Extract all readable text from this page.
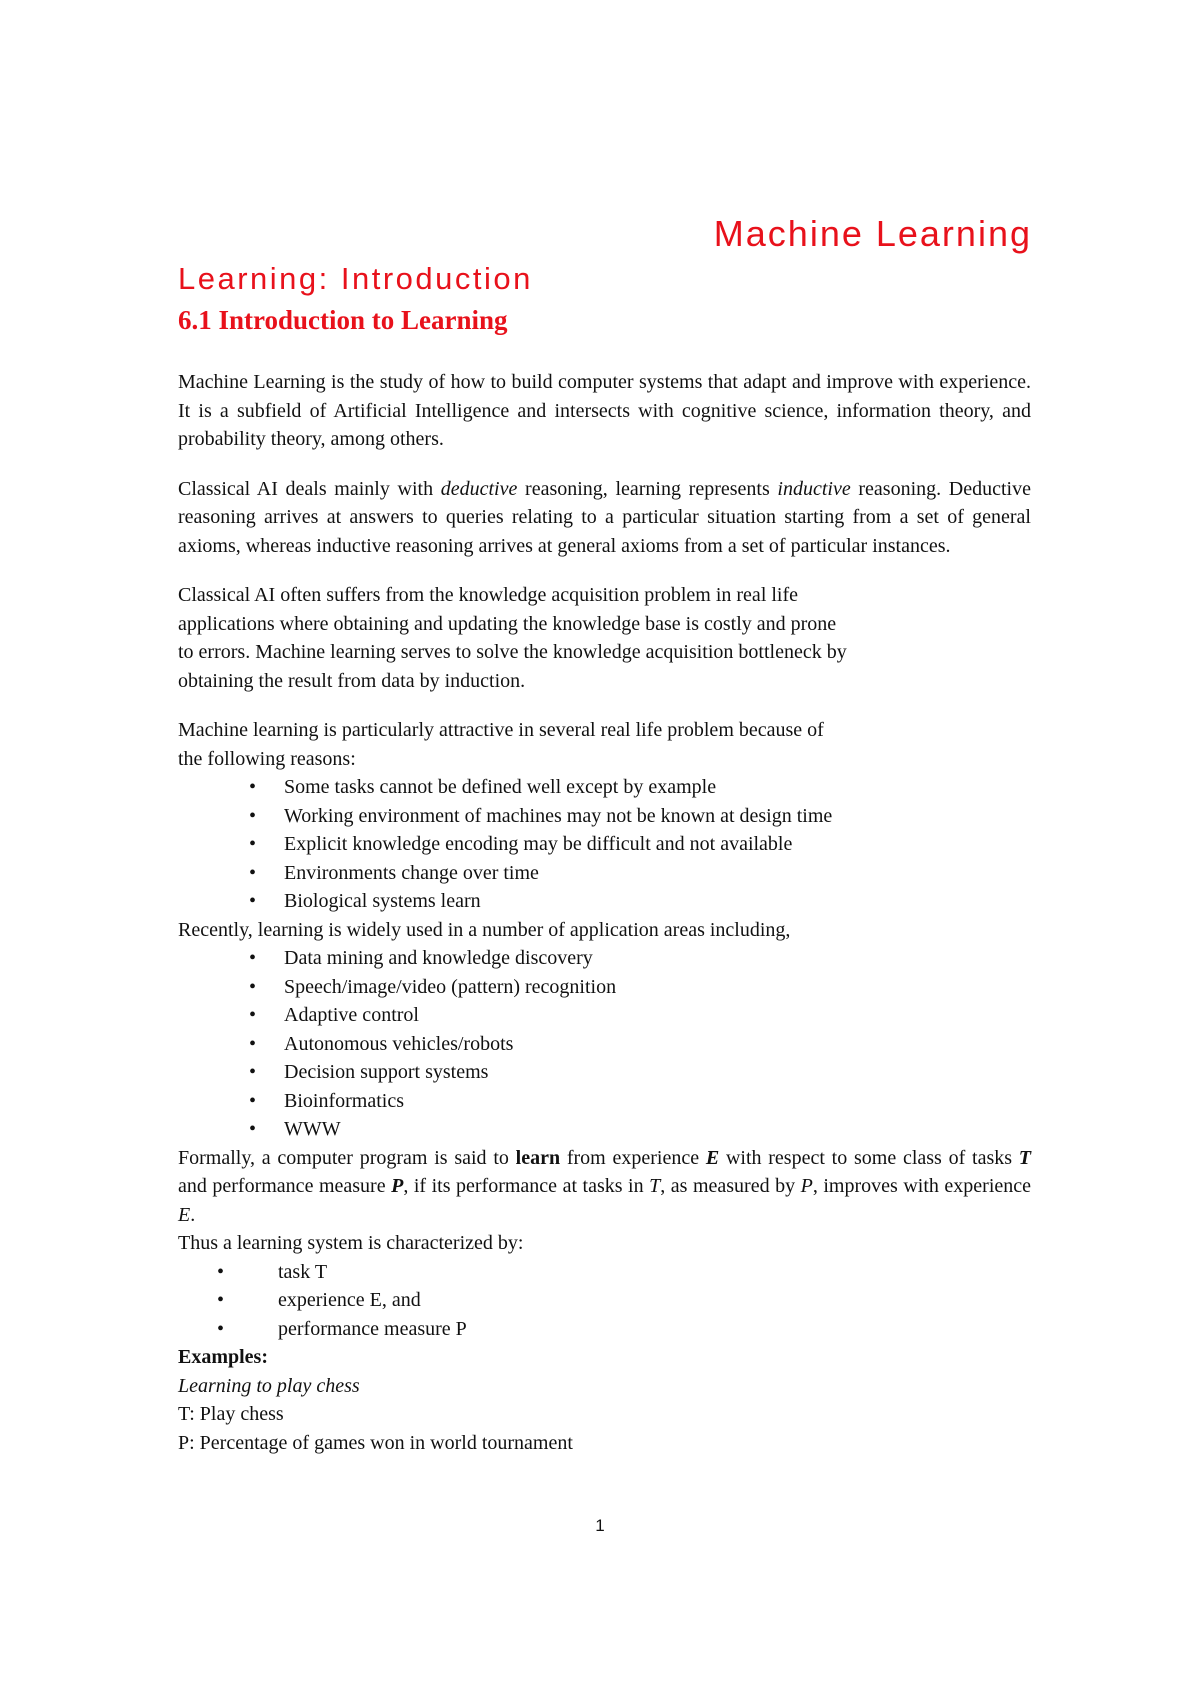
Machine Learning
Learning: Introduction
6.1 Introduction to Learning

Machine Learning is the study of how to build computer systems that adapt and improve with experience. It is a subfield of Artificial Intelligence and intersects with cognitive science, information theory, and probability theory, among others.

Classical AI deals mainly with deductive reasoning, learning represents inductive reasoning. Deductive reasoning arrives at answers to queries relating to a particular situation starting from a set of general axioms, whereas inductive reasoning arrives at general axioms from a set of particular instances.

Classical AI often suffers from the knowledge acquisition problem in real life
applications where obtaining and updating the knowledge base is costly and prone
to errors. Machine learning serves to solve the knowledge acquisition bottleneck by
obtaining the result from data by induction.
Machine learning is particularly attractive in several real life problem because of
the following reasons:
• Some tasks cannot be defined well except by example
• Working environment of machines may not be known at design time
• Explicit knowledge encoding may be difficult and not available
• Environments change over time
• Biological systems learn

Recently, learning is widely used in a number of application areas including,

• Data mining and knowledge discovery
• Speech/image/video (pattern) recognition
• Adaptive control
• Autonomous vehicles/robots
• Decision support systems
• Bioinformatics
• WWW

Formally, a computer program is said to learn from experience E with respect to some class of tasks T and performance measure P, if its performance at tasks in T, as measured by P, improves with experience E.

Thus a learning system is characterized by:

• task T
• experience E, and
• performance measure P

Examples:

Learning to play chess

T: Play chess

P: Percentage of games won in world tournament

1
